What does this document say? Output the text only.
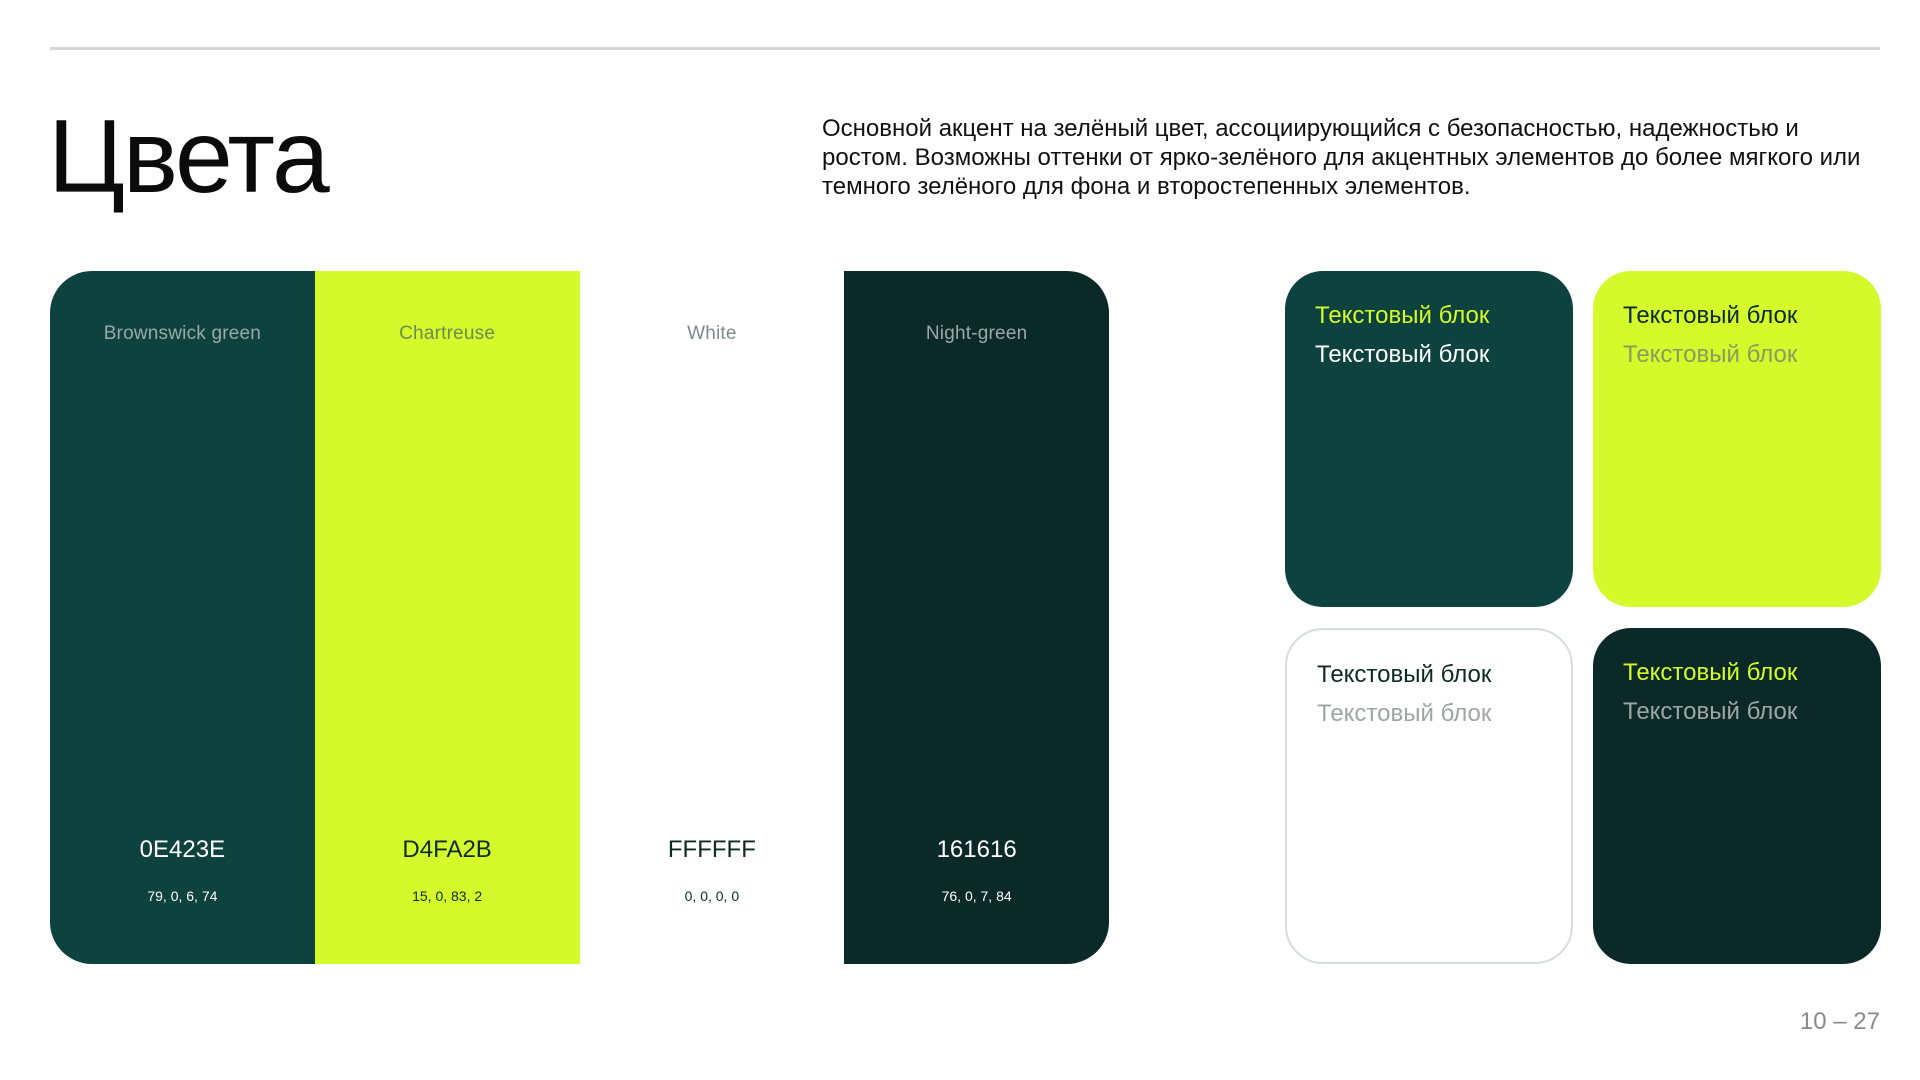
Цвета	Основной акцент на зелёный цвет, ассоциирующийся с безопасностью, надежностью и ростом. Возможны оттенки от ярко-зелёного для акцентных элементов до более мягкого или темного зелёного для фона и второстепенных элементов.
Brownswick green
0E423E
79, 0, 6, 74
Chartreuse
D4FA2B
15, 0, 83, 2
White
FFFFFF
0, 0, 0, 0
Night-green
161616
76, 0, 7, 84
Текстовый блок
Текстовый блок
Текстовый блок
Текстовый блок
Текстовый блок
Текстовый блок
Текстовый блок
Текстовый блок
10 – 27
